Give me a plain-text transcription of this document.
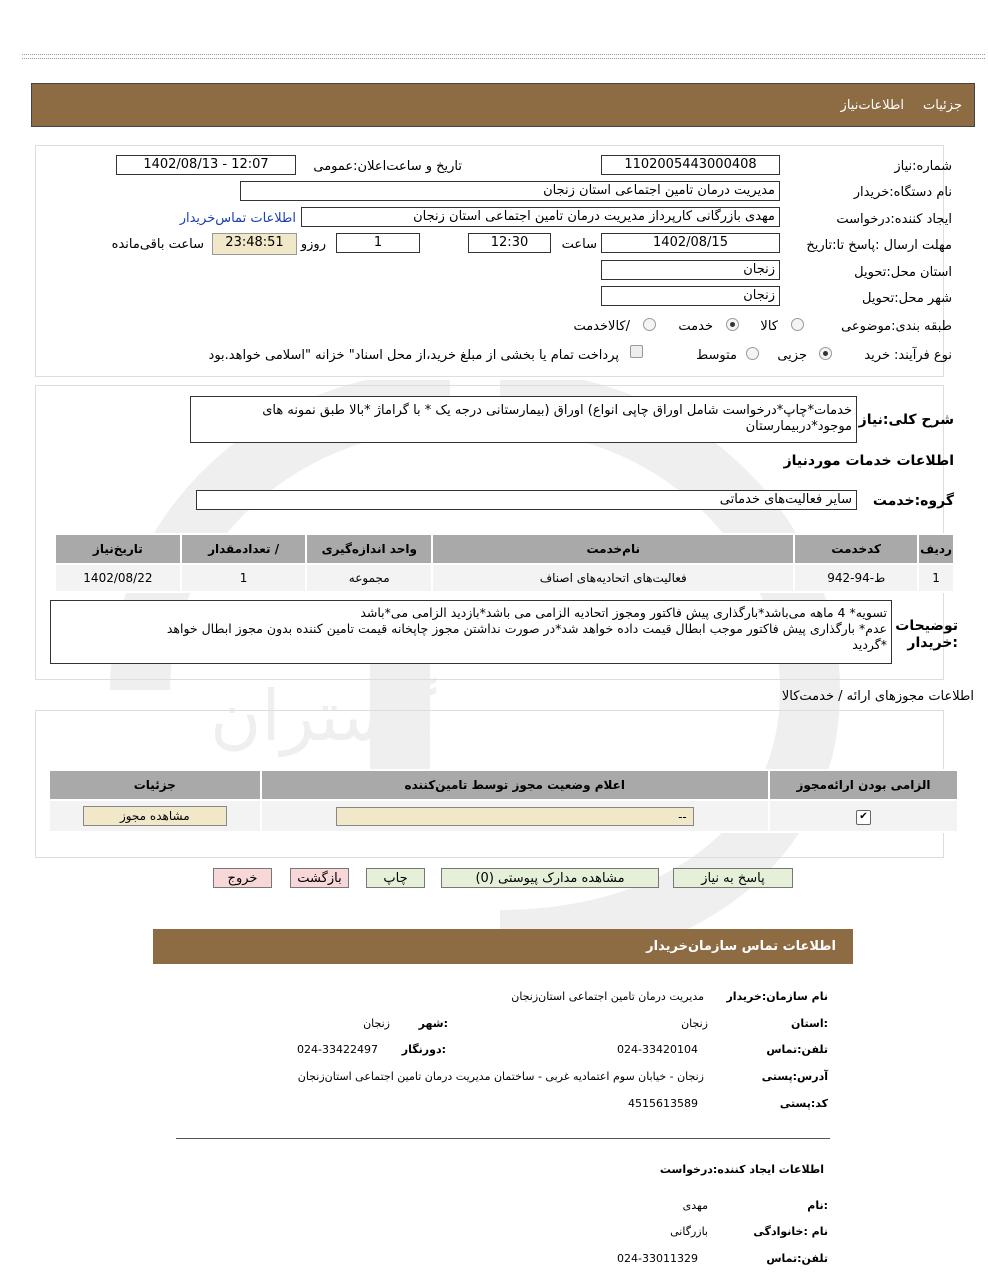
گستران
جزئیات
اطلاعات‌نیاز
شماره:نیاز
1102005443000408
تاریخ و ساعت‌اعلان:عمومی
1402/08/13 - 12:07
نام دستگاه:خریدار
مدیریت درمان تامین اجتماعی استان زنجان
ایجاد کننده:درخواست
مهدی بازرگانی کارپرداز مدیریت درمان تامین اجتماعی استان زنجان
اطلاعات تماس‌خریدار
مهلت ارسال :پاسخ تا:تاریخ
1402/08/15
ساعت
12:30
1
روزو
23:48:51
ساعت باقی‌مانده
استان محل:تحویل
زنجان
شهر محل:تحویل
زنجان
طبقه بندی:موضوعی
کالا
خدمت
/کالاخدمت
نوع فرآیند:
خرید
جزیی
متوسط
پرداخت تمام یا بخشی از مبلغ خرید،از محل اسناد" خزانه "اسلامی خواهد.بود
شرح کلی:نیاز
خدمات*چاپ*درخواست شامل اوراق چاپی انواع) اوراق (بیمارستانی درجه یک * با گراماژ *بالا طبق نمونه های
موجود*دربیمارستان
اطلاعات خدمات موردنیاز
گروه:خدمت
سایر فعالیت‌های خدماتی
ردیف	کدخدمت	نام‌خدمت	واحد اندازه‌گیری	/ تعدادمقدار	تاریخ‌نیاز
1	ط-94-942	فعالیت‌های اتحادیه‌های اصناف	مجموعه	1	1402/08/22
توضیحات
:خریدار
تسویه* 4 ماهه می‌باشد*بارگذاری پیش فاکتور ومجوز اتحادیه الزامی می باشد*بازدید الزامی می*باشد
عدم* بارگذاری پیش فاکتور موجب ابطال قیمت داده خواهد شد*در صورت نداشتن مجوز چاپخانه قیمت تامین کننده بدون مجوز ابطال خواهد
*گردید
اطلاعات مجوزهای ارائه / خدمت‌کالا
الزامی بودن ارائه‌مجوز	اعلام وضعیت مجوز توسط تامین‌کننده	جزئیات
✔	--	مشاهده مجوز
پاسخ به نیاز
مشاهده مدارک پیوستی (0)
چاپ
بازگشت
خروج
اطلاعات تماس سازمان‌خریدار
نام سازمان:خریدار
مدیریت درمان تامین اجتماعی استان‌زنجان
:استان
زنجان
:شهر
زنجان
تلفن:تماس
024-33420104
:دورنگار
024-33422497
آدرس:پستی
زنجان - خیابان سوم اعتمادیه غربی - ساختمان مدیریت درمان تامین اجتماعی استان‌زنجان
کد:پستی
4515613589
اطلاعات ایجاد کننده:درخواست
:نام
مهدی
نام :خانوادگی
بازرگانی
تلفن:تماس
024-33011329
